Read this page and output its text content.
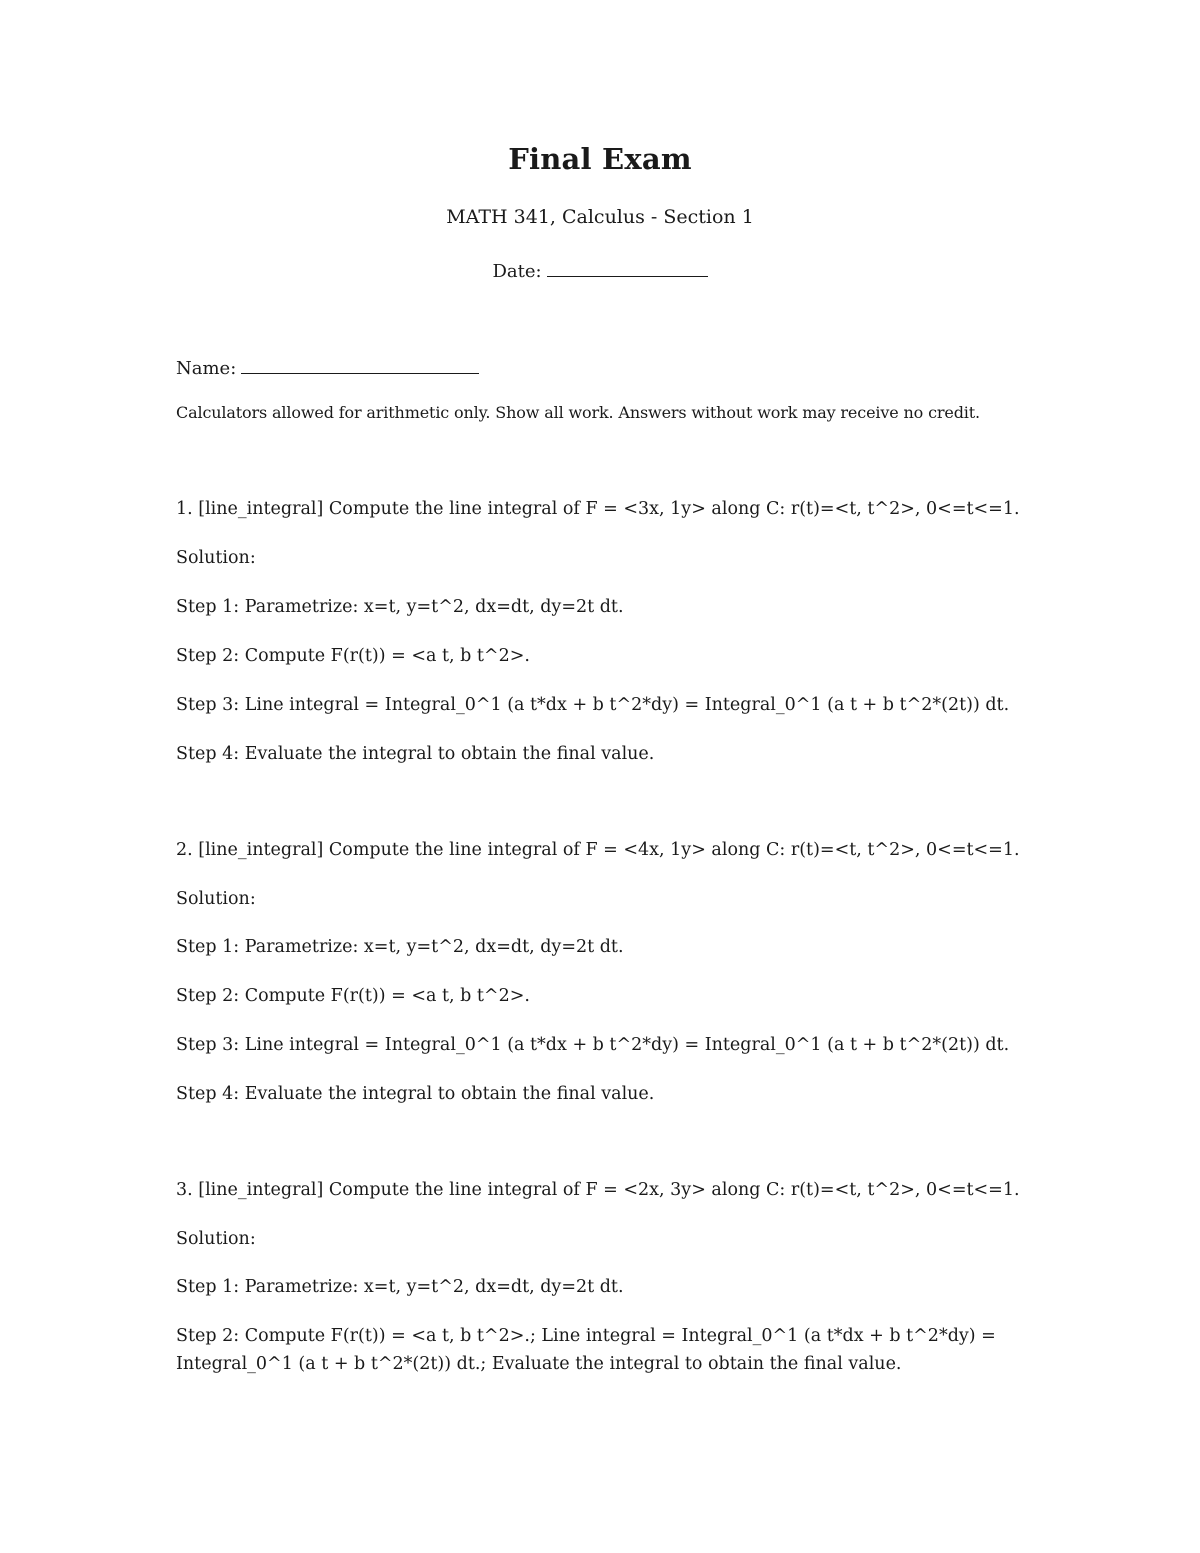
Final Exam
MATH 341, Calculus - Section 1
Date:
Name:
Calculators allowed for arithmetic only. Show all work. Answers without work may receive no credit.
1. [line_integral] Compute the line integral of F = <3x, 1y> along C: r(t)=<t, t^2>, 0<=t<=1.
Solution:
Step 1: Parametrize: x=t, y=t^2, dx=dt, dy=2t dt.
Step 2: Compute F(r(t)) = <a t, b t^2>.
Step 3: Line integral = Integral_0^1 (a t*dx + b t^2*dy) = Integral_0^1 (a t + b t^2*(2t)) dt.
Step 4: Evaluate the integral to obtain the final value.
2. [line_integral] Compute the line integral of F = <4x, 1y> along C: r(t)=<t, t^2>, 0<=t<=1.
Solution:
Step 1: Parametrize: x=t, y=t^2, dx=dt, dy=2t dt.
Step 2: Compute F(r(t)) = <a t, b t^2>.
Step 3: Line integral = Integral_0^1 (a t*dx + b t^2*dy) = Integral_0^1 (a t + b t^2*(2t)) dt.
Step 4: Evaluate the integral to obtain the final value.
3. [line_integral] Compute the line integral of F = <2x, 3y> along C: r(t)=<t, t^2>, 0<=t<=1.
Solution:
Step 1: Parametrize: x=t, y=t^2, dx=dt, dy=2t dt.
Step 2: Compute F(r(t)) = <a t, b t^2>.; Line integral = Integral_0^1 (a t*dx + b t^2*dy) = Integral_0^1 (a t + b t^2*(2t)) dt.; Evaluate the integral to obtain the final value.
